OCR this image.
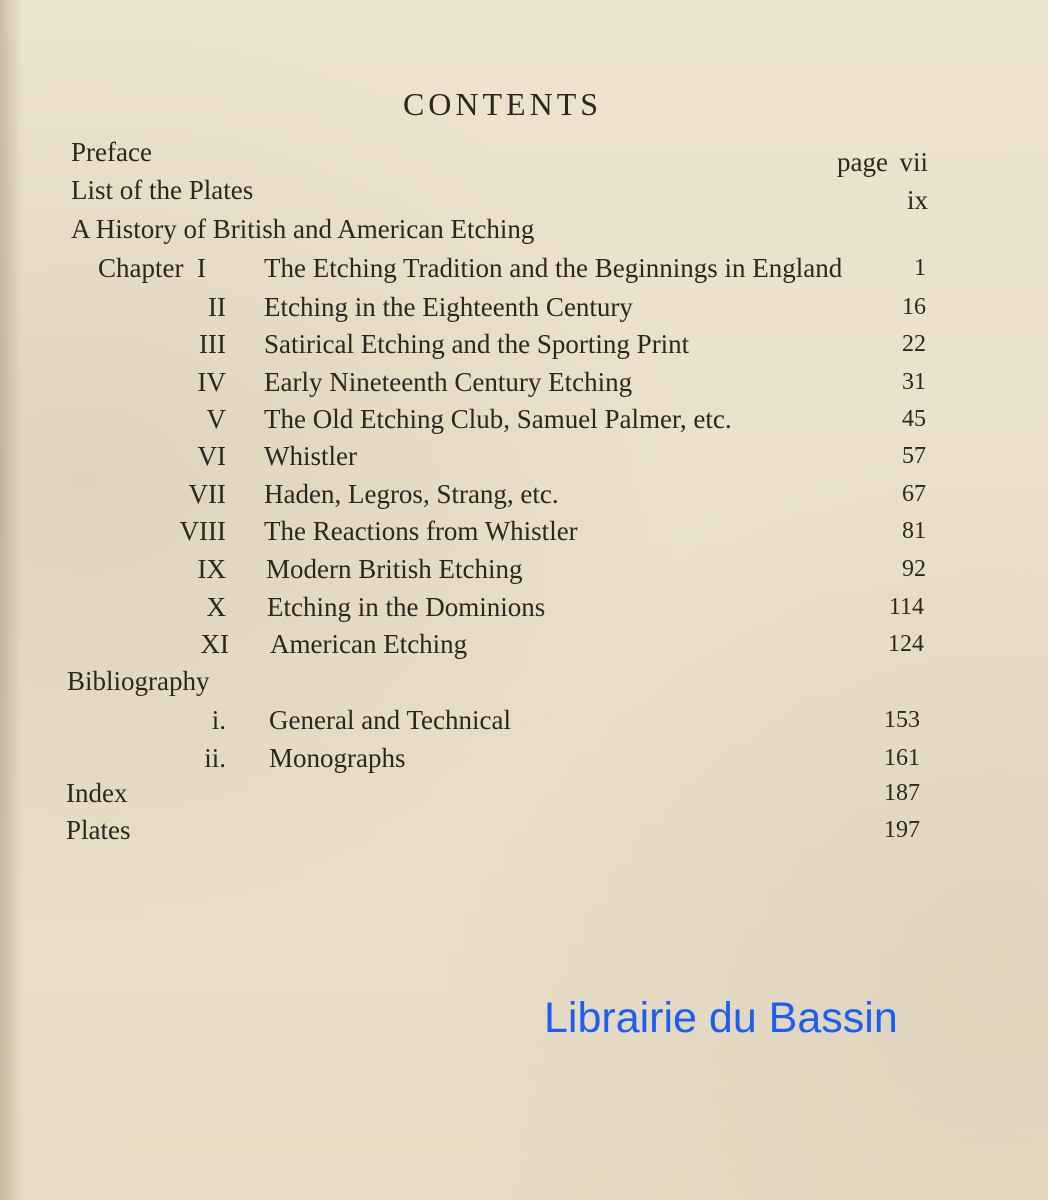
CONTENTS
Preface	page vii
List of the Plates	ix
A History of British and American Etching
Chapter I The Etching Tradition and the Beginnings in England	1
II Etching in the Eighteenth Century	16
III Satirical Etching and the Sporting Print	22
IV Early Nineteenth Century Etching	31
V The Old Etching Club, Samuel Palmer, etc.	45
VI Whistler	57
VII Haden, Legros, Strang, etc.	67
VIII The Reactions from Whistler	81
IX Modern British Etching	92
X Etching in the Dominions	114
XI American Etching	124
Bibliography
i. General and Technical	153
ii. Monographs	161
Index	187
Plates	197

Librairie du Bassin
